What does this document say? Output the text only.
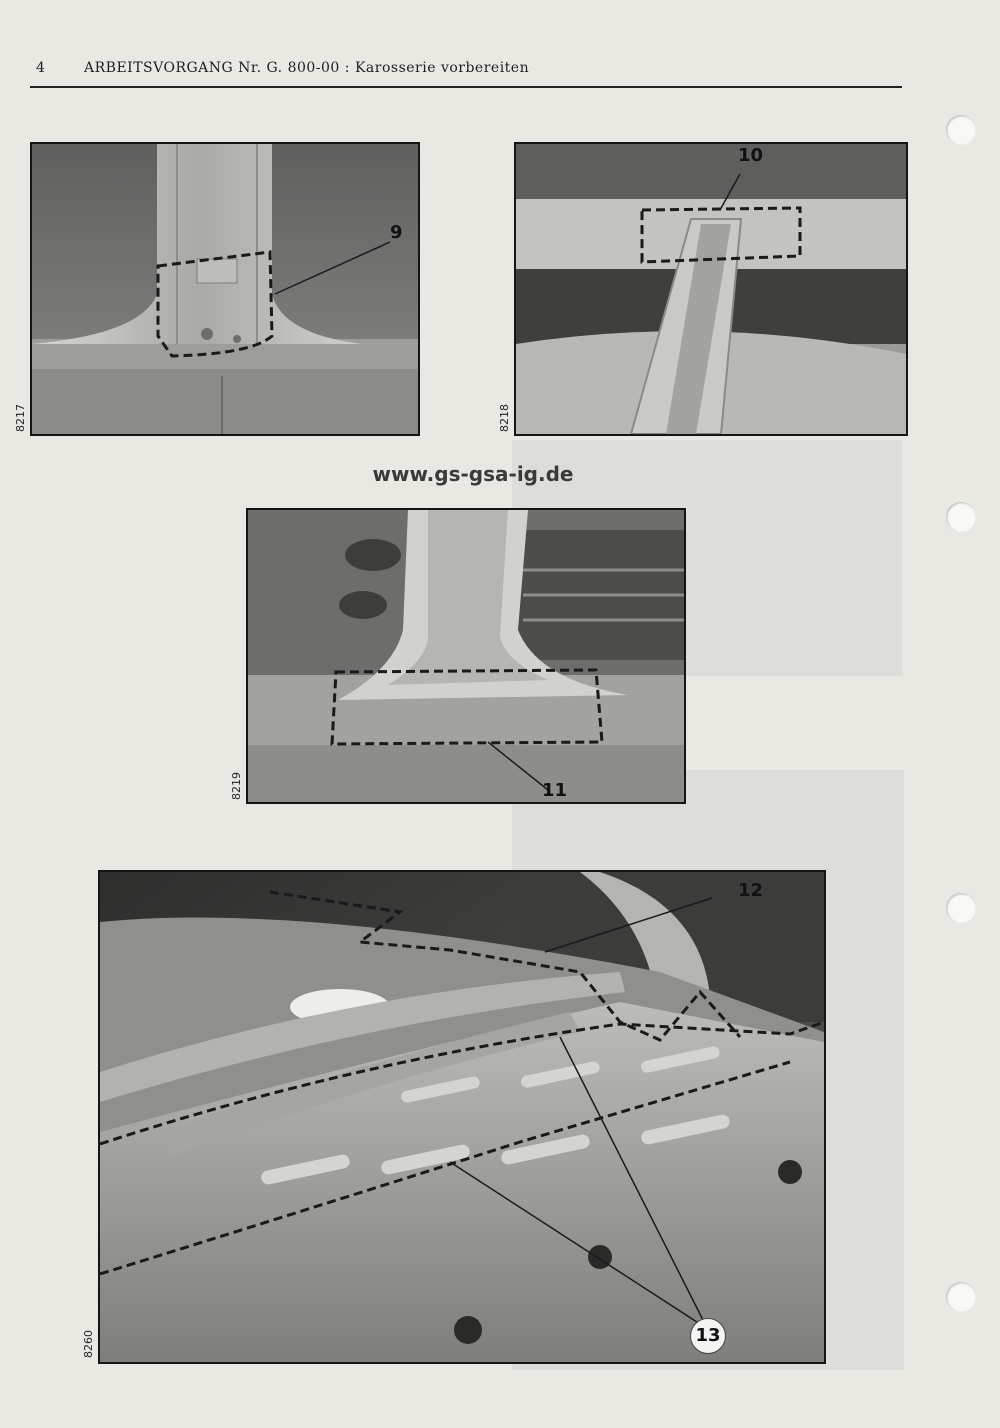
4	ARBEITSVORGANG Nr. G. 800-00 : Karosserie vorbereiten
9
8217
10
8218
www.gs-gsa-ig.de
11
8219
12
13
8260
